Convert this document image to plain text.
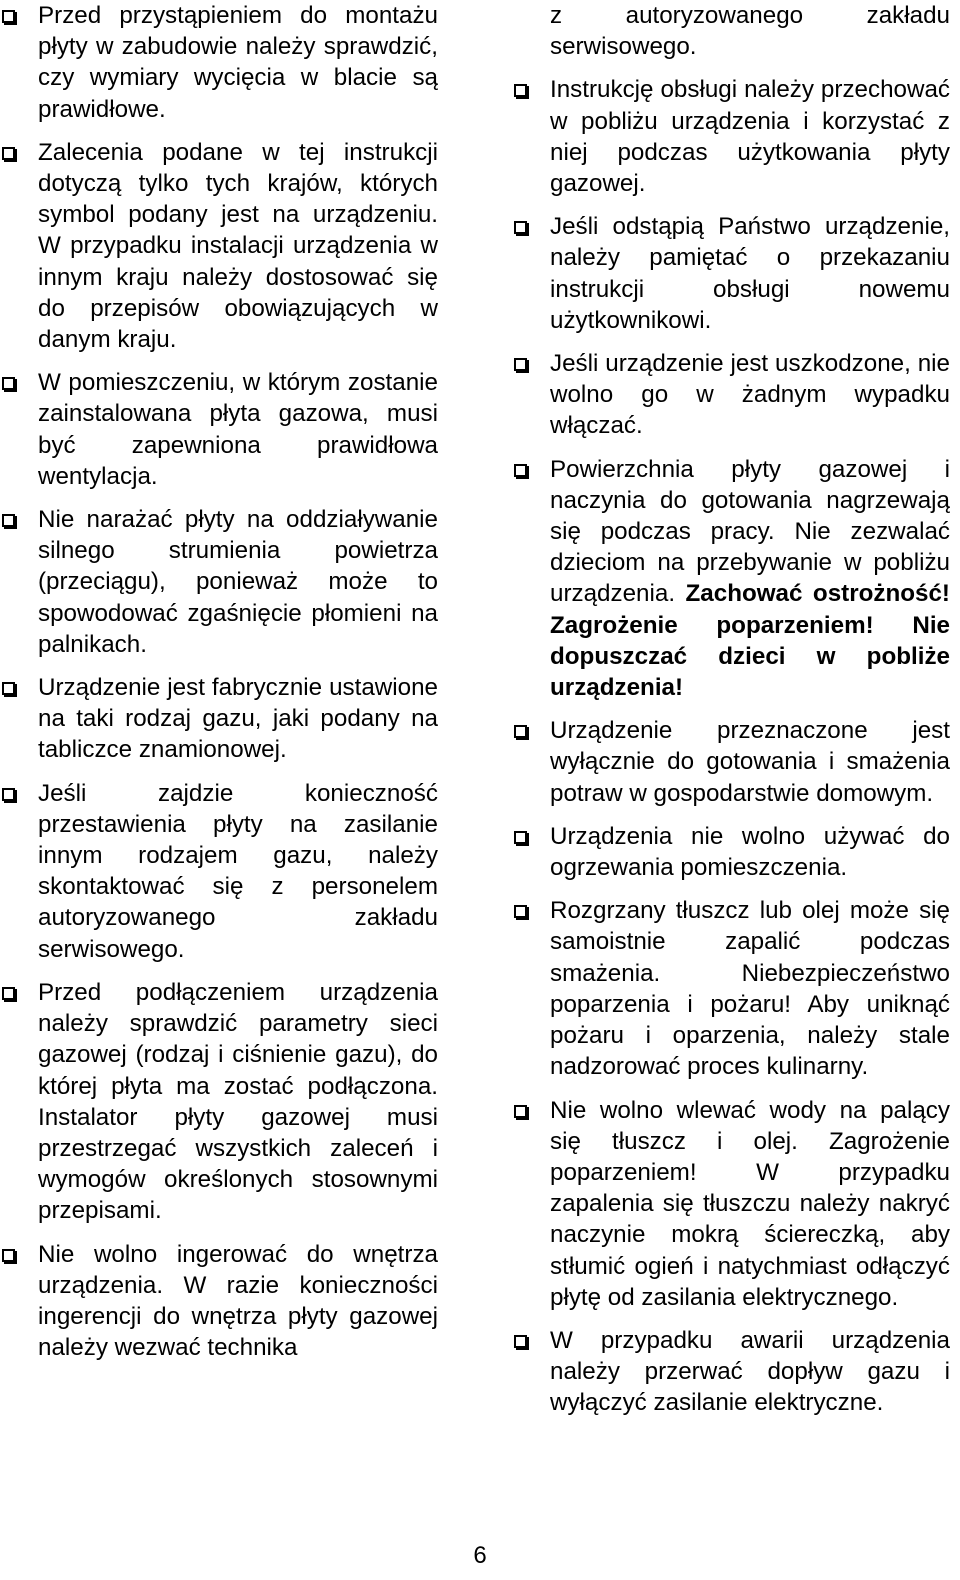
Przed przystąpieniem do montażu płyty w zabudowie należy sprawdzić, czy wymiary wycięcia w blacie są prawidłowe.
Zalecenia podane w tej instrukcji dotyczą tylko tych krajów, których symbol podany jest na urządzeniu. W przypadku instalacji urządzenia w innym kraju należy dostosować się do przepisów obowiązujących w danym kraju.
W pomieszczeniu, w którym zostanie zainstalowana płyta gazowa, musi być zapewniona prawidłowa wentylacja.
Nie narażać płyty na oddziaływanie silnego strumienia powietrza (przeciągu), ponieważ może to spowodować zgaśnięcie płomieni na palnikach.
Urządzenie jest fabrycznie ustawione na taki rodzaj gazu, jaki podany na tabliczce znamionowej.
Jeśli zajdzie konieczność przestawienia płyty na zasilanie innym rodzajem gazu, należy skontaktować się z personelem autoryzowanego zakładu serwisowego.
Przed podłączeniem urządzenia należy sprawdzić parametry sieci gazowej (rodzaj i ciśnienie gazu), do której płyta ma zostać podłączona. Instalator płyty gazowej musi przestrzegać wszystkich zaleceń i wymogów określonych stosownymi przepisami.
Nie wolno ingerować do wnętrza urządzenia. W razie konieczności ingerencji do wnętrza płyty gazowej należy wezwać technika
z autoryzowanego zakładu serwisowego.
Instrukcję obsługi należy przechować w pobliżu urządzenia i korzystać z niej podczas użytkowania płyty gazowej.
Jeśli odstąpią Państwo urządzenie, należy pamiętać o przekazaniu instrukcji obsługi nowemu użytkownikowi.
Jeśli urządzenie jest uszkodzone, nie wolno go w żadnym wypadku włączać.
Powierzchnia płyty gazowej i naczynia do gotowania nagrzewają się podczas pracy. Nie zezwalać dzieciom na przebywanie w pobliżu urządzenia. Zachować ostrożność! Zagrożenie poparzeniem! Nie dopuszczać dzieci w pobliże urządzenia!
Urządzenie przeznaczone jest wyłącznie do gotowania i smażenia potraw w gospodarstwie domowym.
Urządzenia nie wolno używać do ogrzewania pomieszczenia.
Rozgrzany tłuszcz lub olej może się samoistnie zapalić podczas smażenia. Niebezpieczeństwo poparzenia i pożaru! Aby uniknąć pożaru i oparzenia, należy stale nadzorować proces kulinarny.
Nie wolno wlewać wody na palący się tłuszcz i olej. Zagrożenie poparzeniem! W przypadku zapalenia się tłuszczu należy nakryć naczynie mokrą ściereczką, aby stłumić ogień i natychmiast odłączyć płytę od zasilania elektrycznego.
W przypadku awarii urządzenia należy przerwać dopływ gazu i wyłączyć zasilanie elektryczne.
6
